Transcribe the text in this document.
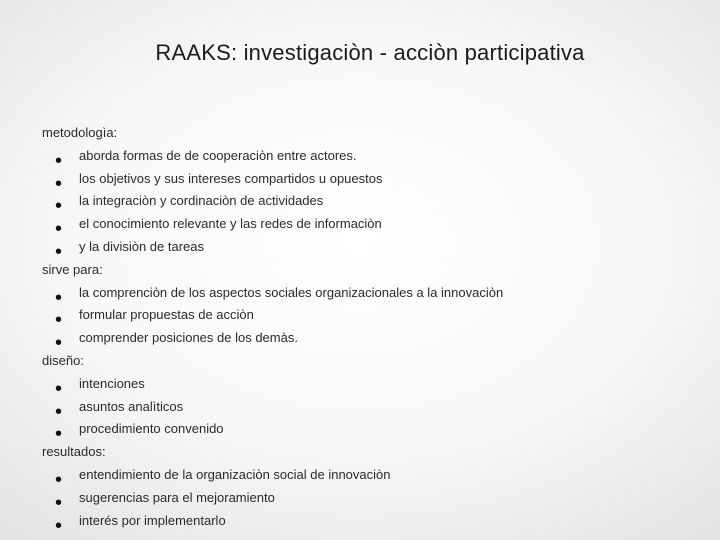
RAAKS: investigaciòn - acciòn participativa
metodologìa:
• aborda formas de de cooperaciòn entre actores.
• los objetivos y sus intereses compartidos u opuestos
• la integraciòn y cordinaciòn de actividades
• el conocimiento relevante y las redes de informaciòn
• y la divisiòn de tareas
sirve para:
• la comprenciòn de los aspectos sociales organizacionales a la innovaciòn
• formular propuestas de acciòn
• comprender posiciones de los demàs.
diseño:
• intenciones
• asuntos analìticos
• procedimiento convenido
resultados:
• entendimiento de la organizaciòn social de innovaciòn
• sugerencias para el mejoramiento
• interés por implementarlo
